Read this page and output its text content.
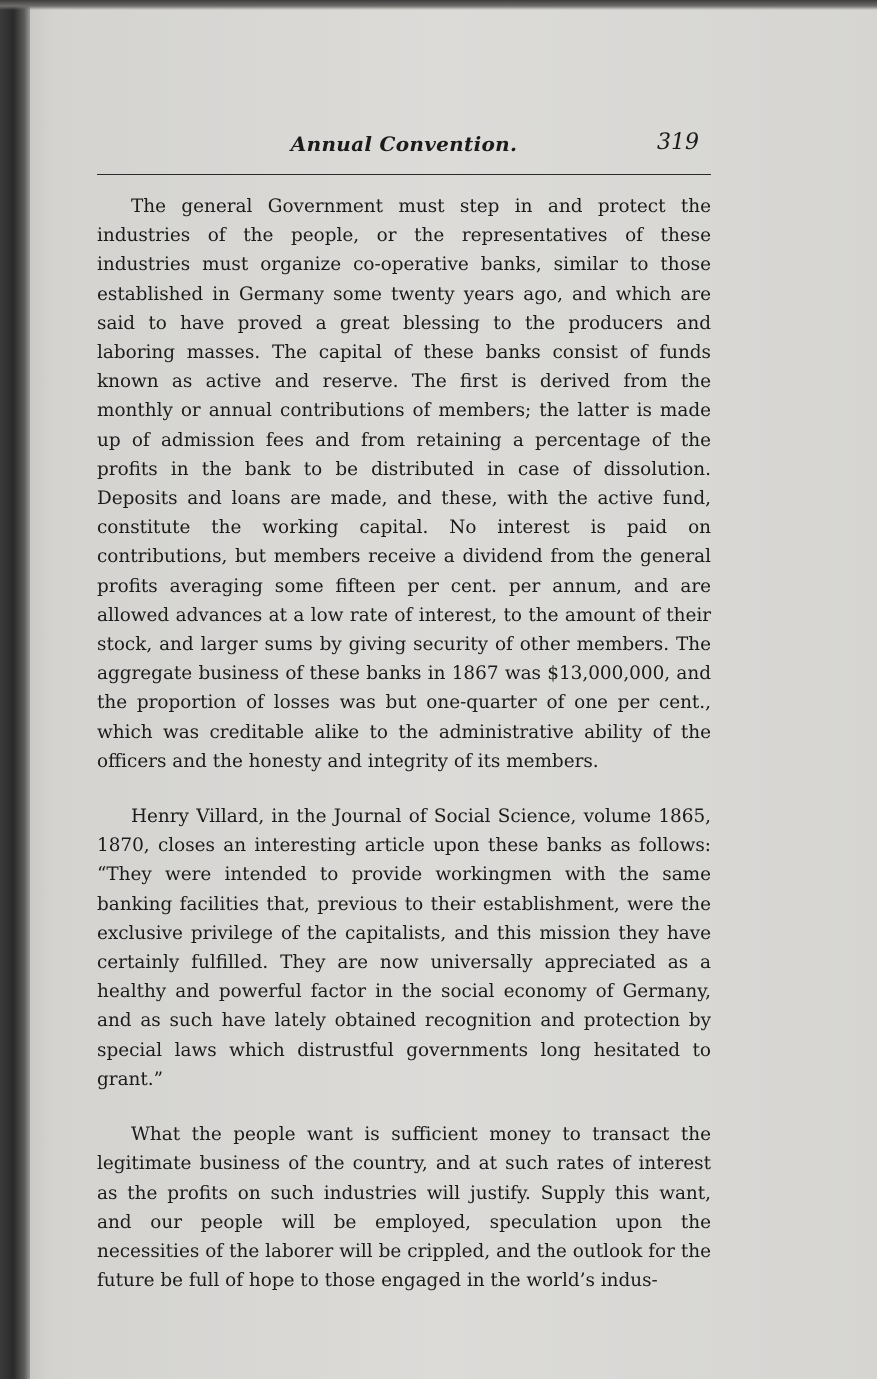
Annual Convention.	319

The general Government must step in and protect the industries of the people, or the representatives of these industries must organize co-operative banks, similar to those established in Germany some twenty years ago, and which are said to have proved a great blessing to the producers and laboring masses. The capital of these banks consist of funds known as active and reserve. The first is derived from the monthly or annual contributions of members; the latter is made up of admission fees and from retaining a percentage of the profits in the bank to be distributed in case of dissolution. Deposits and loans are made, and these, with the active fund, constitute the working capital. No interest is paid on contributions, but members receive a dividend from the general profits averaging some fifteen per cent. per annum, and are allowed advances at a low rate of interest, to the amount of their stock, and larger sums by giving security of other members. The aggregate business of these banks in 1867 was $13,000,000, and the proportion of losses was but one-quarter of one per cent., which was creditable alike to the administrative ability of the officers and the honesty and integrity of its members.

Henry Villard, in the Journal of Social Science, volume 1865, 1870, closes an interesting article upon these banks as follows: “They were intended to provide workingmen with the same banking facilities that, previous to their establishment, were the exclusive privilege of the capitalists, and this mission they have certainly fulfilled. They are now universally appreciated as a healthy and powerful factor in the social economy of Germany, and as such have lately obtained recognition and protection by special laws which distrustful governments long hesitated to grant.”

What the people want is sufficient money to transact the legitimate business of the country, and at such rates of interest as the profits on such industries will justify. Supply this want, and our people will be employed, speculation upon the necessities of the laborer will be crippled, and the outlook for the future be full of hope to those engaged in the world’s indus-
